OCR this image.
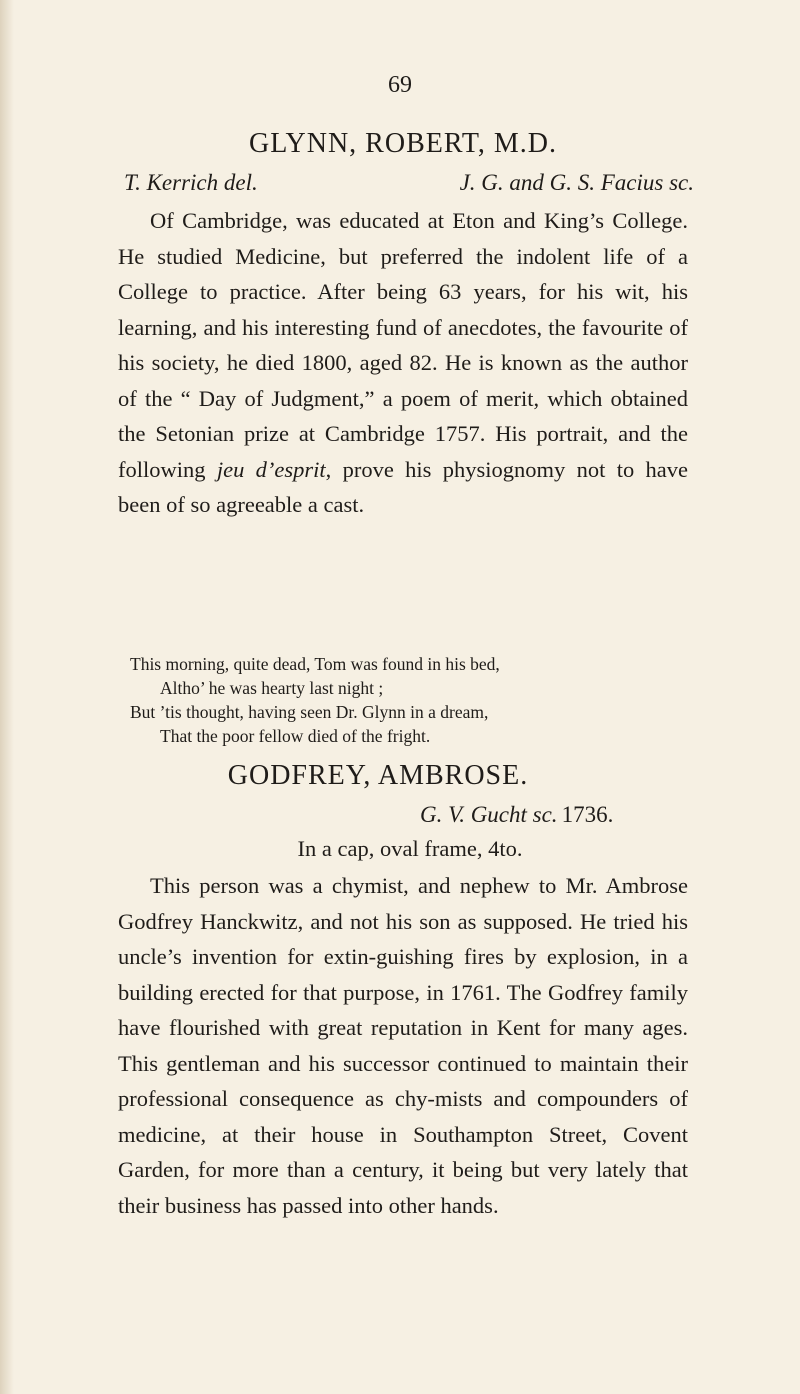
69
GLYNN, ROBERT, M.D.
T. Kerrich del.	J. G. and G. S. Facius sc.

Of Cambridge, was educated at Eton and King’s College. He studied Medicine, but preferred the indolent life of a College to practice. After being 63 years, for his wit, his learning, and his interesting fund of anecdotes, the favourite of his society, he died 1800, aged 82. He is known as the author of the “ Day of Judgment,” a poem of merit, which obtained the Setonian prize at Cambridge 1757. His portrait, and the following jeu d’esprit, prove his physiognomy not to have been of so agreeable a cast.

This morning, quite dead, Tom was found in his bed,
Altho’ he was hearty last night ;
But ’tis thought, having seen Dr. Glynn in a dream,
That the poor fellow died of the fright.
GODFREY, AMBROSE.
G. V. Gucht sc. 1736.
In a cap, oval frame, 4to.

This person was a chymist, and nephew to Mr. Ambrose Godfrey Hanckwitz, and not his son as supposed. He tried his uncle’s invention for extin-guishing fires by explosion, in a building erected for that purpose, in 1761. The Godfrey family have flourished with great reputation in Kent for many ages. This gentleman and his successor continued to maintain their professional consequence as chy-mists and compounders of medicine, at their house in Southampton Street, Covent Garden, for more than a century, it being but very lately that their business has passed into other hands.
